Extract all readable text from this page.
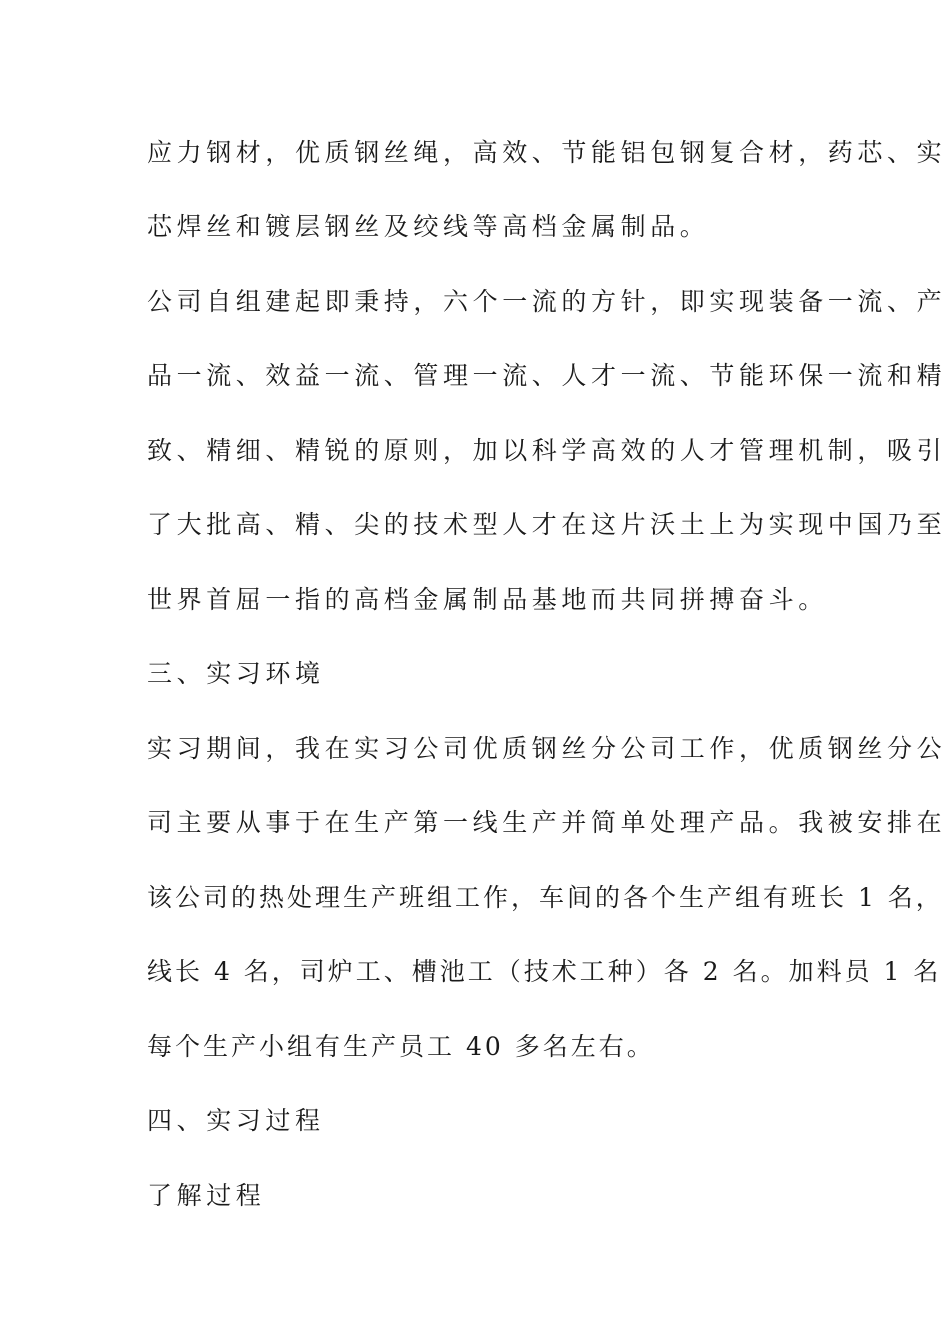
应力钢材，优质钢丝绳，高效、节能铝包钢复合材，药芯、实
芯焊丝和镀层钢丝及绞线等高档金属制品。
公司自组建起即秉持，六个一流的方针，即实现装备一流、产
品一流、效益一流、管理一流、人才一流、节能环保一流和精
致、精细、精锐的原则，加以科学高效的人才管理机制，吸引
了大批高、精、尖的技术型人才在这片沃土上为实现中国乃至
世界首屈一指的高档金属制品基地而共同拼搏奋斗。
三、实习环境
实习期间，我在实习公司优质钢丝分公司工作，优质钢丝分公
司主要从事于在生产第一线生产并简单处理产品。我被安排在
该公司的热处理生产班组工作，车间的各个生产组有班长 1 名，
线长 4 名，司炉工、槽池工（技术工种）各 2 名。加料员 1 名
每个生产小组有生产员工 40 多名左右。
四、实习过程
了解过程
